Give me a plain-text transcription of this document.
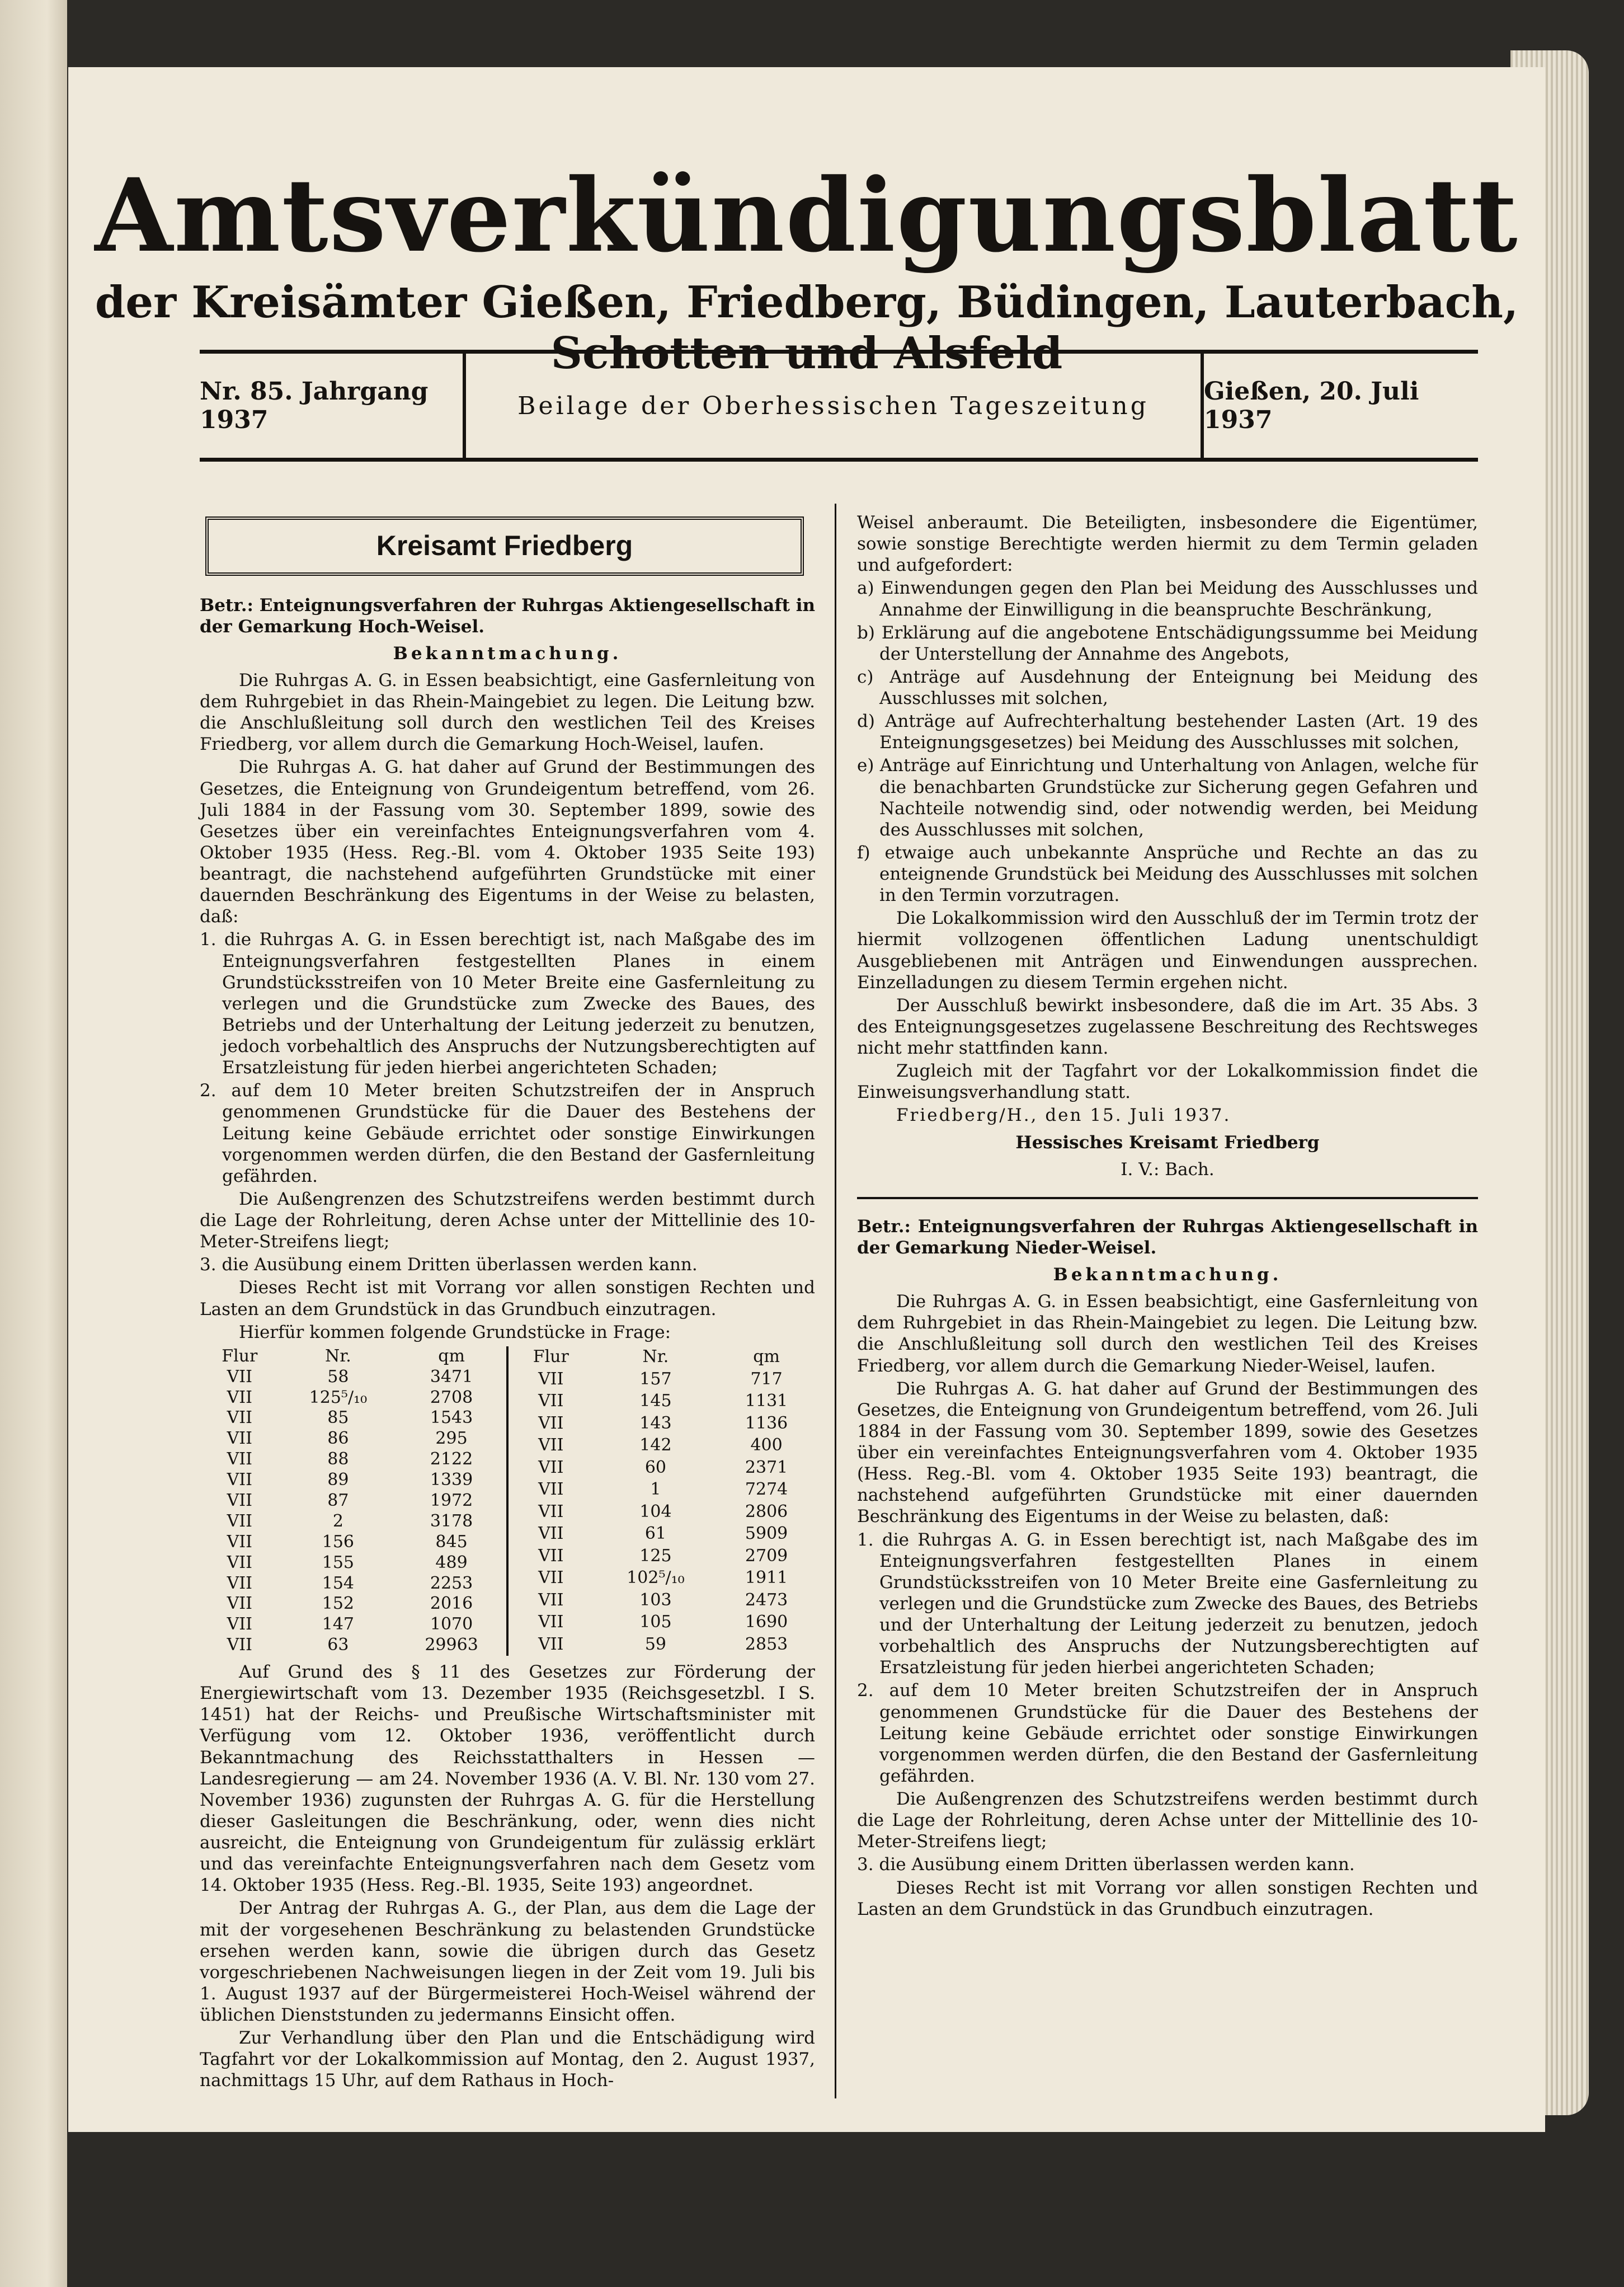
Amtsverkündigungsblatt
der Kreisämter Gießen, Friedberg, Büdingen, Lauterbach, Schotten und Alsfeld
Nr. 85. Jahrgang 1937	Beilage der Oberhessischen Tageszeitung	Gießen, 20. Juli 1937
Kreisamt Friedberg

Betr.: Enteignungsverfahren der Ruhrgas Aktiengesellschaft in der Gemarkung Hoch-Weisel.

Bekanntmachung.

Die Ruhrgas A. G. in Essen beabsichtigt, eine Gasfernleitung von dem Ruhrgebiet in das Rhein-Maingebiet zu legen. Die Leitung bzw. die Anschlußleitung soll durch den westlichen Teil des Kreises Friedberg, vor allem durch die Gemarkung Hoch-Weisel, laufen.

Die Ruhrgas A. G. hat daher auf Grund der Bestimmungen des Gesetzes, die Enteignung von Grundeigentum betreffend, vom 26. Juli 1884 in der Fassung vom 30. September 1899, sowie des Gesetzes über ein vereinfachtes Enteignungsverfahren vom 4. Oktober 1935 (Hess. Reg.-Bl. vom 4. Oktober 1935 Seite 193) beantragt, die nachstehend aufgeführten Grundstücke mit einer dauernden Beschränkung des Eigentums in der Weise zu belasten, daß:

1. die Ruhrgas A. G. in Essen berechtigt ist, nach Maßgabe des im Enteignungsverfahren festgestellten Planes in einem Grundstücksstreifen von 10 Meter Breite eine Gasfernleitung zu verlegen und die Grundstücke zum Zwecke des Baues, des Betriebs und der Unterhaltung der Leitung jederzeit zu benutzen, jedoch vorbehaltlich des Anspruchs der Nutzungsberechtigten auf Ersatzleistung für jeden hierbei angerichteten Schaden;

2. auf dem 10 Meter breiten Schutzstreifen der in Anspruch genommenen Grundstücke für die Dauer des Bestehens der Leitung keine Gebäude errichtet oder sonstige Einwirkungen vorgenommen werden dürfen, die den Bestand der Gasfernleitung gefährden.

Die Außengrenzen des Schutzstreifens werden bestimmt durch die Lage der Rohrleitung, deren Achse unter der Mittellinie des 10-Meter-Streifens liegt;

3. die Ausübung einem Dritten überlassen werden kann.

Dieses Recht ist mit Vorrang vor allen sonstigen Rechten und Lasten an dem Grundstück in das Grundbuch einzutragen.

Hierfür kommen folgende Grundstücke in Frage:

Flur	Nr.	qm
VII	58	3471
VII	125⁵/₁₀	2708
VII	85	1543
VII	86	295
VII	88	2122
VII	89	1339
VII	87	1972
VII	2	3178
VII	156	845
VII	155	489
VII	154	2253
VII	152	2016
VII	147	1070
VII	63	29963
Flur	Nr.	qm
VII	157	717
VII	145	1131
VII	143	1136
VII	142	400
VII	60	2371
VII	1	7274
VII	104	2806
VII	61	5909
VII	125	2709
VII	102⁵/₁₀	1911
VII	103	2473
VII	105	1690
VII	59	2853

Auf Grund des § 11 des Gesetzes zur Förderung der Energiewirtschaft vom 13. Dezember 1935 (Reichsgesetzbl. I S. 1451) hat der Reichs- und Preußische Wirtschaftsminister mit Verfügung vom 12. Oktober 1936, veröffentlicht durch Bekanntmachung des Reichsstatthalters in Hessen — Landesregierung — am 24. November 1936 (A. V. Bl. Nr. 130 vom 27. November 1936) zugunsten der Ruhrgas A. G. für die Herstellung dieser Gasleitungen die Beschränkung, oder, wenn dies nicht ausreicht, die Enteignung von Grundeigentum für zulässig erklärt und das vereinfachte Enteignungsverfahren nach dem Gesetz vom 14. Oktober 1935 (Hess. Reg.-Bl. 1935, Seite 193) angeordnet.

Der Antrag der Ruhrgas A. G., der Plan, aus dem die Lage der mit der vorgesehenen Beschränkung zu belastenden Grundstücke ersehen werden kann, sowie die übrigen durch das Gesetz vorgeschriebenen Nachweisungen liegen in der Zeit vom 19. Juli bis 1. August 1937 auf der Bürgermeisterei Hoch-Weisel während der üblichen Dienststunden zu jedermanns Einsicht offen.

Zur Verhandlung über den Plan und die Entschädigung wird Tagfahrt vor der Lokalkommission auf Montag, den 2. August 1937, nachmittags 15 Uhr, auf dem Rathaus in Hoch-

Weisel anberaumt. Die Beteiligten, insbesondere die Eigentümer, sowie sonstige Berechtigte werden hiermit zu dem Termin geladen und aufgefordert:

a) Einwendungen gegen den Plan bei Meidung des Ausschlusses und Annahme der Einwilligung in die beanspruchte Beschränkung,

b) Erklärung auf die angebotene Entschädigungssumme bei Meidung der Unterstellung der Annahme des Angebots,

c) Anträge auf Ausdehnung der Enteignung bei Meidung des Ausschlusses mit solchen,

d) Anträge auf Aufrechterhaltung bestehender Lasten (Art. 19 des Enteignungsgesetzes) bei Meidung des Ausschlusses mit solchen,

e) Anträge auf Einrichtung und Unterhaltung von Anlagen, welche für die benachbarten Grundstücke zur Sicherung gegen Gefahren und Nachteile notwendig sind, oder notwendig werden, bei Meidung des Ausschlusses mit solchen,

f) etwaige auch unbekannte Ansprüche und Rechte an das zu enteignende Grundstück bei Meidung des Ausschlusses mit solchen in den Termin vorzutragen.

Die Lokalkommission wird den Ausschluß der im Termin trotz der hiermit vollzogenen öffentlichen Ladung unentschuldigt Ausgebliebenen mit Anträgen und Einwendungen aussprechen. Einzelladungen zu diesem Termin ergehen nicht.

Der Ausschluß bewirkt insbesondere, daß die im Art. 35 Abs. 3 des Enteignungsgesetzes zugelassene Beschreitung des Rechtsweges nicht mehr stattfinden kann.

Zugleich mit der Tagfahrt vor der Lokalkommission findet die Einweisungsverhandlung statt.

Friedberg/H., den 15. Juli 1937.

Hessisches Kreisamt Friedberg

I. V.: Bach.

Betr.: Enteignungsverfahren der Ruhrgas Aktiengesellschaft in der Gemarkung Nieder-Weisel.

Bekanntmachung.

Die Ruhrgas A. G. in Essen beabsichtigt, eine Gasfernleitung von dem Ruhrgebiet in das Rhein-Maingebiet zu legen. Die Leitung bzw. die Anschlußleitung soll durch den westlichen Teil des Kreises Friedberg, vor allem durch die Gemarkung Nieder-Weisel, laufen.

Die Ruhrgas A. G. hat daher auf Grund der Bestimmungen des Gesetzes, die Enteignung von Grundeigentum betreffend, vom 26. Juli 1884 in der Fassung vom 30. September 1899, sowie des Gesetzes über ein vereinfachtes Enteignungsverfahren vom 4. Oktober 1935 (Hess. Reg.-Bl. vom 4. Oktober 1935 Seite 193) beantragt, die nachstehend aufgeführten Grundstücke mit einer dauernden Beschränkung des Eigentums in der Weise zu belasten, daß:

1. die Ruhrgas A. G. in Essen berechtigt ist, nach Maßgabe des im Enteignungsverfahren festgestellten Planes in einem Grundstücksstreifen von 10 Meter Breite eine Gasfernleitung zu verlegen und die Grundstücke zum Zwecke des Baues, des Betriebs und der Unterhaltung der Leitung jederzeit zu benutzen, jedoch vorbehaltlich des Anspruchs der Nutzungsberechtigten auf Ersatzleistung für jeden hierbei angerichteten Schaden;

2. auf dem 10 Meter breiten Schutzstreifen der in Anspruch genommenen Grundstücke für die Dauer des Bestehens der Leitung keine Gebäude errichtet oder sonstige Einwirkungen vorgenommen werden dürfen, die den Bestand der Gasfernleitung gefährden.

Die Außengrenzen des Schutzstreifens werden bestimmt durch die Lage der Rohrleitung, deren Achse unter der Mittellinie des 10-Meter-Streifens liegt;

3. die Ausübung einem Dritten überlassen werden kann.

Dieses Recht ist mit Vorrang vor allen sonstigen Rechten und Lasten an dem Grundstück in das Grundbuch einzutragen.
